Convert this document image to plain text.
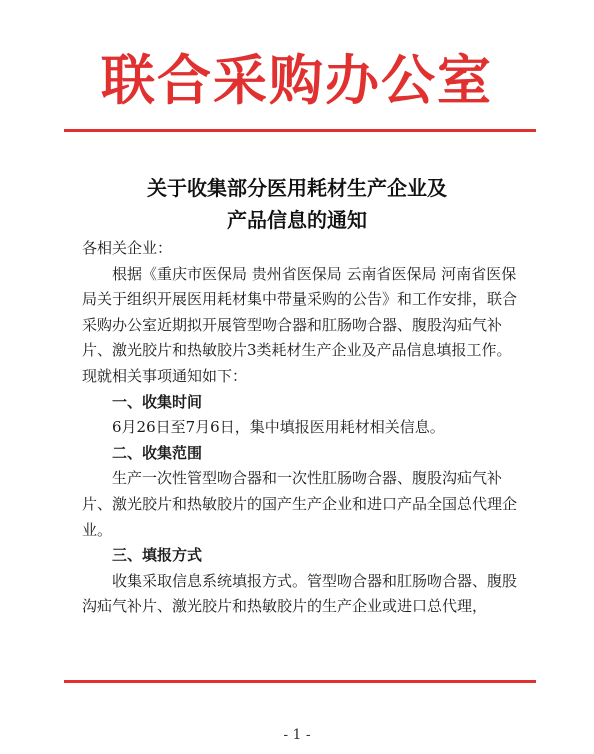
联合采购办公室
关于收集部分医用耗材生产企业及
产品信息的通知

各相关企业：

根据《重庆市医保局 贵州省医保局 云南省医保局 河南省医保局关于组织开展医用耗材集中带量采购的公告》和工作安排，联合采购办公室近期拟开展管型吻合器和肛肠吻合器、腹股沟疝气补片、激光胶片和热敏胶片3类耗材生产企业及产品信息填报工作。现就相关事项通知如下：

一、收集时间

6月26日至7月6日，集中填报医用耗材相关信息。

二、收集范围

生产一次性管型吻合器和一次性肛肠吻合器、腹股沟疝气补片、激光胶片和热敏胶片的国产生产企业和进口产品全国总代理企业。

三、填报方式

收集采取信息系统填报方式。管型吻合器和肛肠吻合器、腹股沟疝气补片、激光胶片和热敏胶片的生产企业或进口总代理，

- 1 -
